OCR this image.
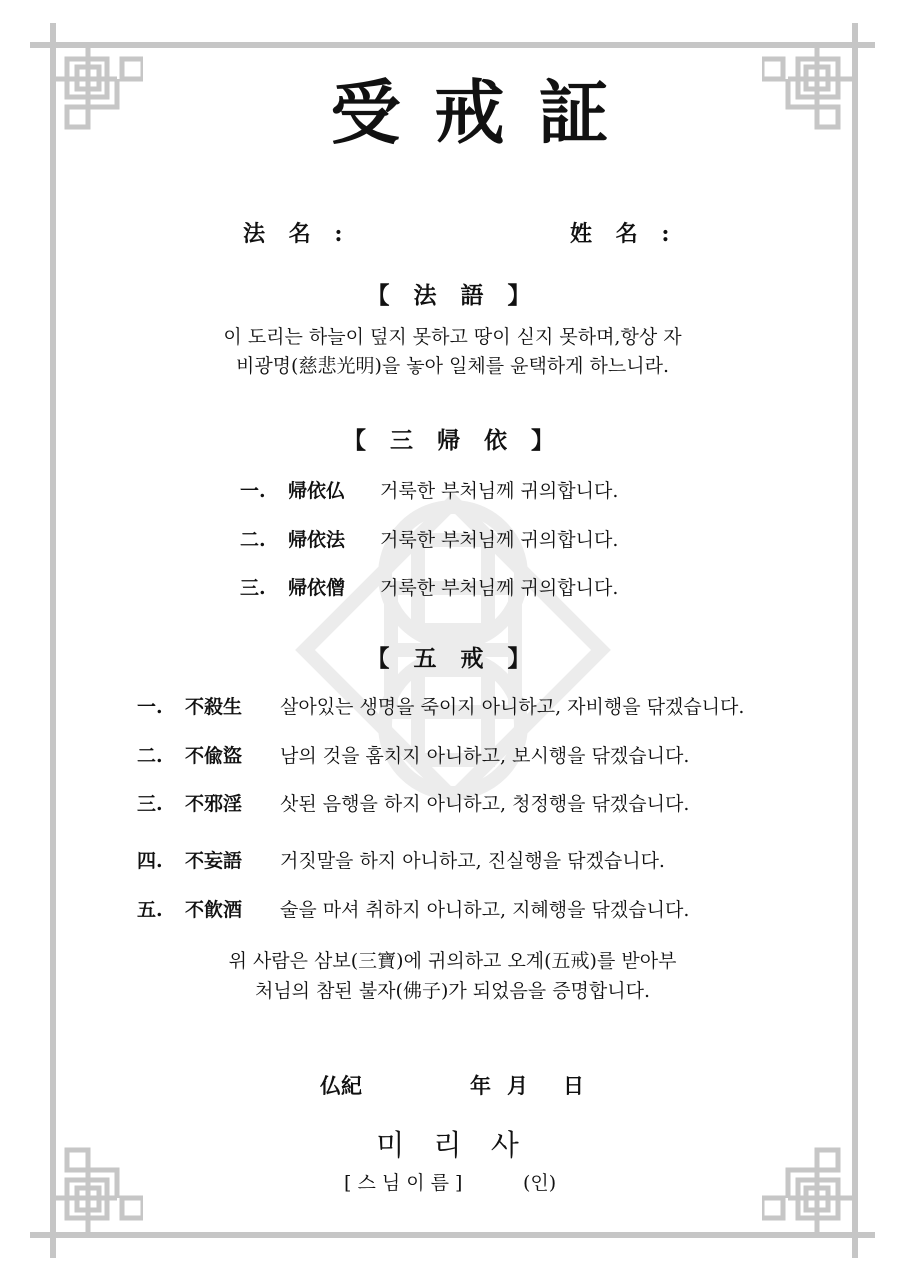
受戒証
法 名 :	姓 名 :
【 法 語 】
이 도리는 하늘이 덮지 못하고 땅이 싣지 못하며,항상 자
비광명(慈悲光明)을 놓아 일체를 윤택하게 하느니라.
【 三 帰 依 】
一.	帰依仏	거룩한 부처님께 귀의합니다.
二.	帰依法	거룩한 부처님께 귀의합니다.
三.	帰依僧	거룩한 부처님께 귀의합니다.
【 五 戒 】
一.	不殺生	살아있는 생명을 죽이지 아니하고, 자비행을 닦겠습니다.
二.	不偸盜	남의 것을 훔치지 아니하고, 보시행을 닦겠습니다.
三.	不邪淫	삿된 음행을 하지 아니하고, 청정행을 닦겠습니다.
四.	不妄語	거짓말을 하지 아니하고, 진실행을 닦겠습니다.
五.	不飮酒	술을 마셔 취하지 아니하고, 지혜행을 닦겠습니다.
위 사람은 삼보(三寶)에 귀의하고 오계(五戒)를 받아부
처님의 참된 불자(佛子)가 되었음을 증명합니다.
仏紀	年 月 日
미 리 사
[ 스 님 이 름 ]	(인)
